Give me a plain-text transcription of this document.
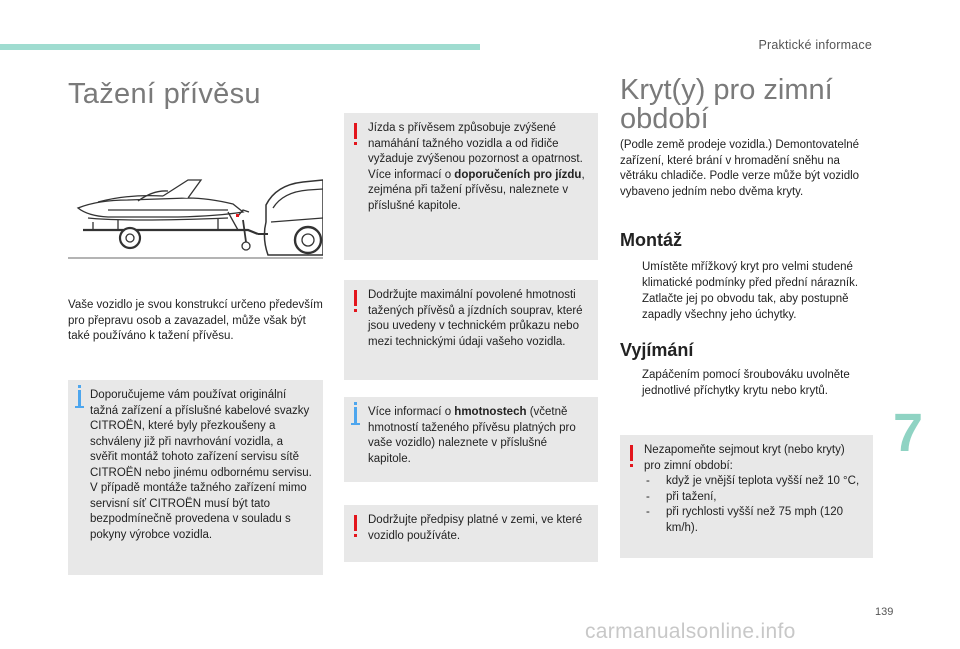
Praktické informace
Tažení přívěsu
Vaše vozidlo je svou konstrukcí určeno především pro přepravu osob a zavazadel, může však být také používáno k tažení přívěsu.
Doporučujeme vám používat originální tažná zařízení a příslušné kabelové svazky CITROËN, které byly přezkoušeny a schváleny již při navrhování vozidla, a svěřit montáž tohoto zařízení servisu sítě CITROËN nebo jinému odbornému servisu. V případě montáže tažného zařízení mimo servisní síť CITROËN musí být tato bezpodmínečně provedena v souladu s pokyny výrobce vozidla.
Jízda s přívěsem způsobuje zvýšené namáhání tažného vozidla a od řidiče vyžaduje zvýšenou pozornost a opatrnost. Více informací o doporučeních pro jízdu, zejména při tažení přívěsu, naleznete v příslušné kapitole.
Dodržujte maximální povolené hmotnosti tažených přívěsů a jízdních souprav, které jsou uvedeny v technickém průkazu nebo mezi technickými údaji vašeho vozidla.
Více informací o hmotnostech (včetně hmotností taženého přívěsu platných pro vaše vozidlo) naleznete v příslušné kapitole.
Dodržujte předpisy platné v zemi, ve které vozidlo používáte.
Kryt(y) pro zimní
období
(Podle země prodeje vozidla.) Demontovatelné zařízení, které brání v hromadění sněhu na větráku chladiče. Podle verze může být vozidlo vybaveno jedním nebo dvěma kryty.
Montáž
Umístěte mřížkový kryt pro velmi studené klimatické podmínky před přední nárazník.
Zatlačte jej po obvodu tak, aby postupně zapadly všechny jeho úchytky.
Vyjímání
Zapáčením pomocí šroubováku uvolněte jednotlivé příchytky krytu nebo krytů.
Nezapomeňte sejmout kryt (nebo kryty) pro zimní období:
- když je vnější teplota vyšší než 10 °C,
- při tažení,
- při rychlosti vyšší než 75 mph (120 km/h).
7
139
carmanualsonline.info
